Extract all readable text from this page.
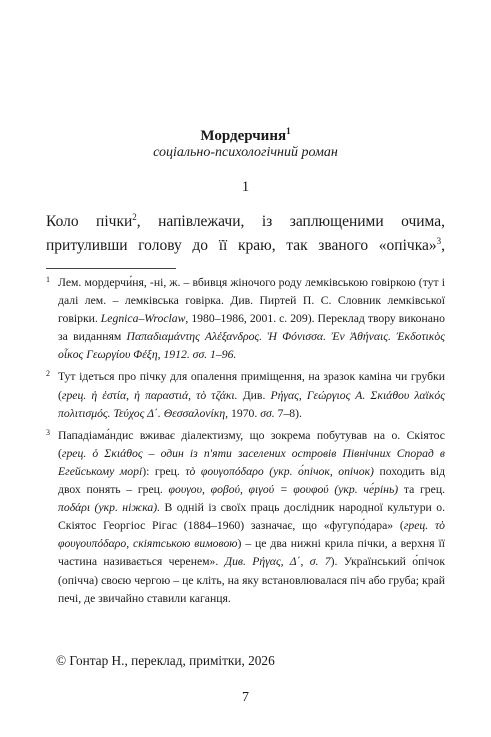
Мордерчиня$^1$
соціально-психологічний роман
1
Коло пічки$^2$, напівлежачи, із заплющеними очима, притуливши голову до її краю, так званого «опічка»$^3$,
1 Лем. мордерчи́ня, -ні, ж. – вбивця жіночого роду лемківською говіркою (тут і далі лем. – лемківська говірка. Див. Пиртей П. С. Словник лемківської говірки. Legnica–Wroclaw, 1980–1986, 2001. с. 209). Переклад твору виконано за виданням Παπαδιαμάντης Αλέξανδρος. Ἡ Φόνισσα. Ἐν Ἀθήναις. Ἐκδοτικὸς οἶκος Γεωργίου Φέξη, 1912. σσ. 1–96.
2 Тут ідеться про пічку для опалення приміщення, на зразок каміна чи грубки (грец. ἡ ἑστία, ἡ παραστιά, τὸ τζάκι. Див. Ρήγας, Γεώργιος Α. Σκιάθου λαϊκός πολιτισμός. Τεύχος Δ΄. Θεσσαλονίκη, 1970. σσ. 7–8).
3 Пападіама́ндис вживає діалектизму, що зокрема побутував на о. Скіятос (грец. ὁ Σκιάθος – один із п'яти заселених островів Північних Спорад в Егейському морі): грец. τὸ φουγοπόδαρο (укр. о́пічок, опічок) походить від двох понять – грец. φουγου, φοβού, φιγού = φουφού (укр. че́рінь) та грец. ποδάρι (укр. ніжка). В одній із своїх праць дослідник народної культури о. Скіятос Георгіос Рігас (1884–1960) зазначає, що «фугупо́дара» (грец. τὸ φουγουπόδαρο, скіятською вимовою) – це два нижні крила пічки, а верхня її частина називається черенем». Див. Ρήγας, Δ΄, σ. 7). Український о́пічок (опічча) своєю чергою – це кліть, на яку встановлювалася піч або груба; край печі, де звичайно ставили каганця.
© Гонтар Н., переклад, примітки, 2026
7
